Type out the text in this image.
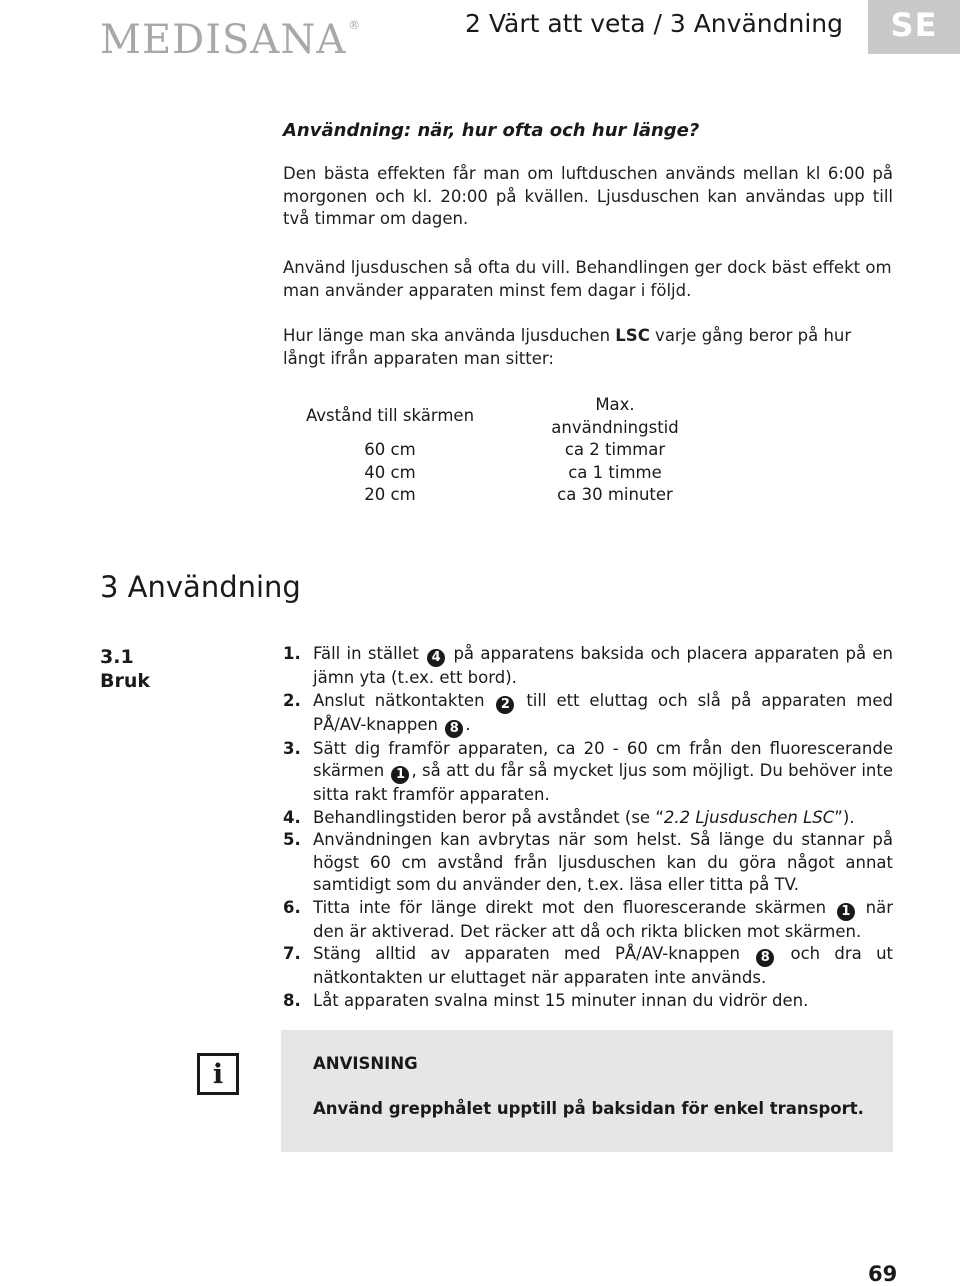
MEDISANA ®	2 Värt att veta / 3 Användning	SE
Användning: när, hur ofta och hur länge?
Den bästa effekten får man om luftduschen används mellan kl 6:00 på morgonen och kl. 20:00 på kvällen. Ljusduschen kan användas upp till två timmar om dagen.
Använd ljusduschen så ofta du vill. Behandlingen ger dock bäst effekt om man använder apparaten minst fem dagar i följd.
Hur länge man ska använda ljusduchen LSC varje gång beror på hur långt ifrån apparaten man sitter:
Avstånd till skärmen		Max. användningstid
60 cm		ca 2 timmar
40 cm		ca 1 timme
20 cm		ca 30 minuter
3 Användning
3.1
Bruk
1. Fäll in stället 4 på apparatens baksida och placera apparaten på en jämn yta (t.ex. ett bord).
2. Anslut nätkontakten 2 till ett eluttag och slå på apparaten med PÅ/AV-knappen 8 .
3. Sätt dig framför apparaten, ca 20 - 60 cm från den fluorescerande skärmen 1 , så att du får så mycket ljus som möjligt. Du behöver inte sitta rakt framför apparaten.
4. Behandlingstiden beror på avståndet (se “2.2 Ljusduschen LSC”).
5. Användningen kan avbrytas när som helst. Så länge du stannar på högst 60 cm avstånd från ljusduschen kan du göra något annat samtidigt som du använder den, t.ex. läsa eller titta på TV.
6. Titta inte för länge direkt mot den fluorescerande skärmen 1 när den är aktiverad. Det räcker att då och rikta blicken mot skärmen.
7. Stäng alltid av apparaten med PÅ/AV-knappen 8 och dra ut nätkontakten ur eluttaget när apparaten inte används.
8. Låt apparaten svalna minst 15 minuter innan du vidrör den.
i	ANVISNING
Använd grepphålet upptill på baksidan för enkel transport.
69
